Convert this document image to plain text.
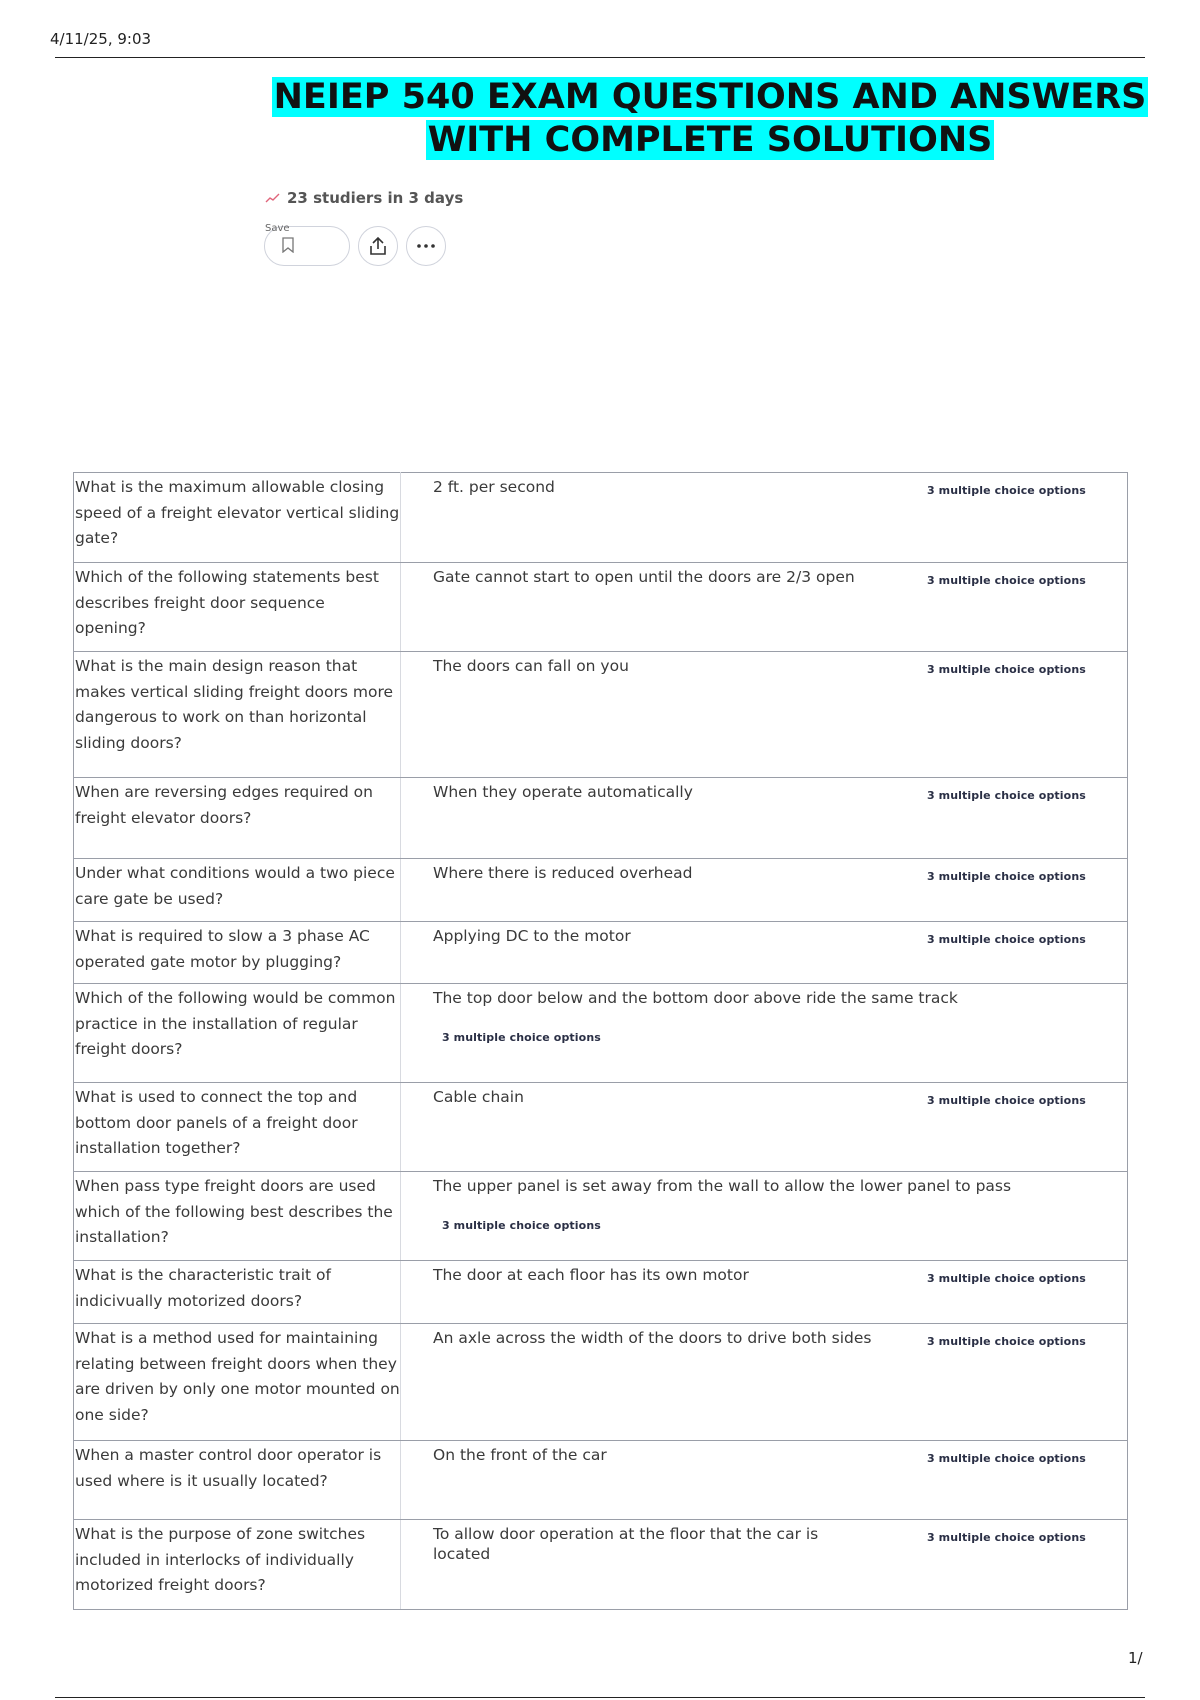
4/11/25, 9:03
NEIEP 540 EXAM QUESTIONS AND ANSWERS WITH COMPLETE SOLUTIONS
23 studiers in 3 days
Save
What is the maximum allowable closing speed of a freight elevator vertical sliding gate?	2 ft. per second 3 multiple choice options

Which of the following statements best describes freight door sequence opening?	Gate cannot start to open until the doors are 2/3 open 3 multiple choice options

What is the main design reason that makes vertical sliding freight doors more dangerous to work on than horizontal sliding doors?	The doors can fall on you 3 multiple choice options

When are reversing edges required on freight elevator doors?	When they operate automatically 3 multiple choice options

Under what conditions would a two piece care gate be used?	Where there is reduced overhead 3 multiple choice options

What is required to slow a 3 phase AC operated gate motor by plugging?	Applying DC to the motor 3 multiple choice options

Which of the following would be common practice in the installation of regular freight doors?	The top door below and the bottom door above ride the same track
3 multiple choice options

What is used to connect the top and bottom door panels of a freight door installation together?	Cable chain 3 multiple choice options

When pass type freight doors are used which of the following best describes the installation?	The upper panel is set away from the wall to allow the lower panel to pass
3 multiple choice options

What is the characteristic trait of indicivually motorized doors?	The door at each floor has its own motor 3 multiple choice options

What is a method used for maintaining relating between freight doors when they are driven by only one motor mounted on one side?	An axle across the width of the doors to drive both sides 3 multiple choice options

When a master control door operator is used where is it usually located?	On the front of the car 3 multiple choice options

What is the purpose of zone switches included in interlocks of individually motorized freight doors?	To allow door operation at the floor that the car is located
3 multiple choice options
1/
